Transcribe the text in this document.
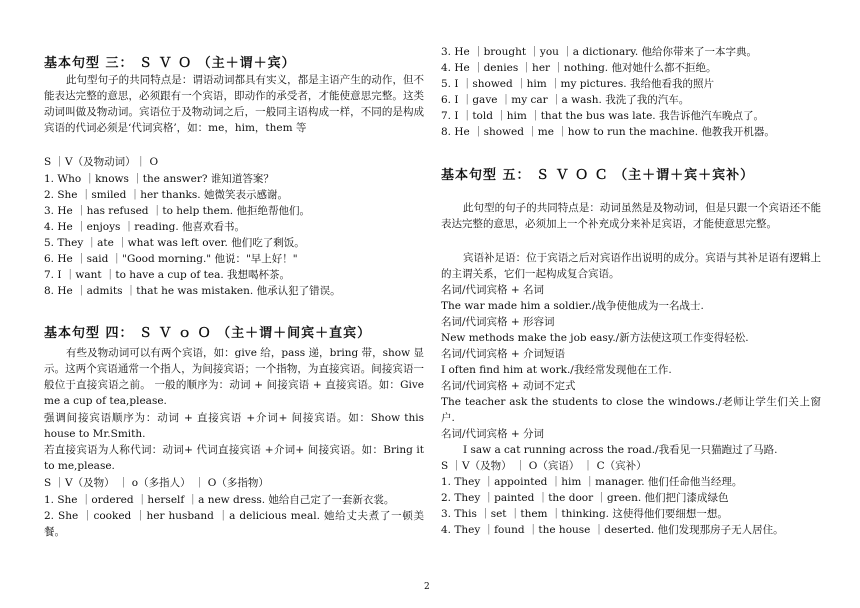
基本句型 三： Ｓ Ｖ Ｏ （主＋谓＋宾）
此句型句子的共同特点是：谓语动词都具有实义，都是主语产生的动作，但不能表达完整的意思，必须跟有一个宾语，即动作的承受者，才能使意思完整。这类动词叫做及物动词。宾语位于及物动词之后，一般同主语构成一样，不同的是构成宾语的代词必须是‘代词宾格’，如：me，him，them 等
S ｜V（及物动词）｜ O
1. Who ｜knows ｜the answer? 谁知道答案？
2. She ｜smiled ｜her thanks. 她微笑表示感谢。
3. He ｜has refused ｜to help them. 他拒绝帮他们。
4. He ｜enjoys ｜reading. 他喜欢看书。
5. They ｜ate ｜what was left over. 他们吃了剩饭。
6. He ｜said ｜"Good morning." 他说："早上好！"
7. I ｜want ｜to have a cup of tea. 我想喝杯茶。
8. He ｜admits ｜that he was mistaken. 他承认犯了错误。
基本句型 四： Ｓ Ｖ ｏ Ｏ （主＋谓＋间宾＋直宾）
有些及物动词可以有两个宾语，如：give 给，pass 递，bring 带，show 显示。这两个宾语通常一个指人，为间接宾语；一个指物，为直接宾语。间接宾语一般位于直接宾语之前。 一般的顺序为：动词 + 间接宾语 + 直接宾语。如：Give me a cup of tea,please.
强调间接宾语顺序为：动词 + 直接宾语 +介词+ 间接宾语。如：Show this house to Mr.Smith.
若直接宾语为人称代词：动词+ 代词直接宾语 +介词+ 间接宾语。如：Bring it to me,please.
S ｜V（及物） ｜ o（多指人） ｜ O（多指物）
1. She ｜ordered ｜herself ｜a new dress. 她给自己定了一套新衣裳。
2. She ｜cooked ｜her husband ｜a delicious meal. 她给丈夫煮了一顿美餐。
3. He ｜brought ｜you ｜a dictionary. 他给你带来了一本字典。
4. He ｜denies ｜her ｜nothing. 他对她什么都不拒绝。
5. I ｜showed ｜him ｜my pictures. 我给他看我的照片
6. I ｜gave ｜my car ｜a wash. 我洗了我的汽车。
7. I ｜told ｜him ｜that the bus was late. 我告诉他汽车晚点了。
8. He ｜showed ｜me ｜how to run the machine. 他教我开机器。
基本句型 五： Ｓ Ｖ Ｏ Ｃ （主＋谓＋宾＋宾补）
此句型的句子的共同特点是：动词虽然是及物动词，但是只跟一个宾语还不能表达完整的意思，必须加上一个补充成分来补足宾语，才能使意思完整。
宾语补足语：位于宾语之后对宾语作出说明的成分。宾语与其补足语有逻辑上的主谓关系，它们一起构成复合宾语。
名词/代词宾格 + 名词
The war made him a soldier./战争使他成为一名战士.
名词/代词宾格 + 形容词
New methods make the job easy./新方法使这项工作变得轻松.
名词/代词宾格 + 介词短语
I often find him at work./我经常发现他在工作.
名词/代词宾格 + 动词不定式
The teacher ask the students to close the windows./老师让学生们关上窗户.
名词/代词宾格 + 分词
I saw a cat running across the road./我看见一只猫跑过了马路.
S ｜V（及物） ｜ O（宾语） ｜ C（宾补）
1. They ｜appointed ｜him ｜manager. 他们任命他当经理。
2. They ｜painted ｜the door ｜green. 他们把门漆成绿色
3. This ｜set ｜them ｜thinking. 这使得他们要细想一想。
4. They ｜found ｜the house ｜deserted. 他们发现那房子无人居住。
2
